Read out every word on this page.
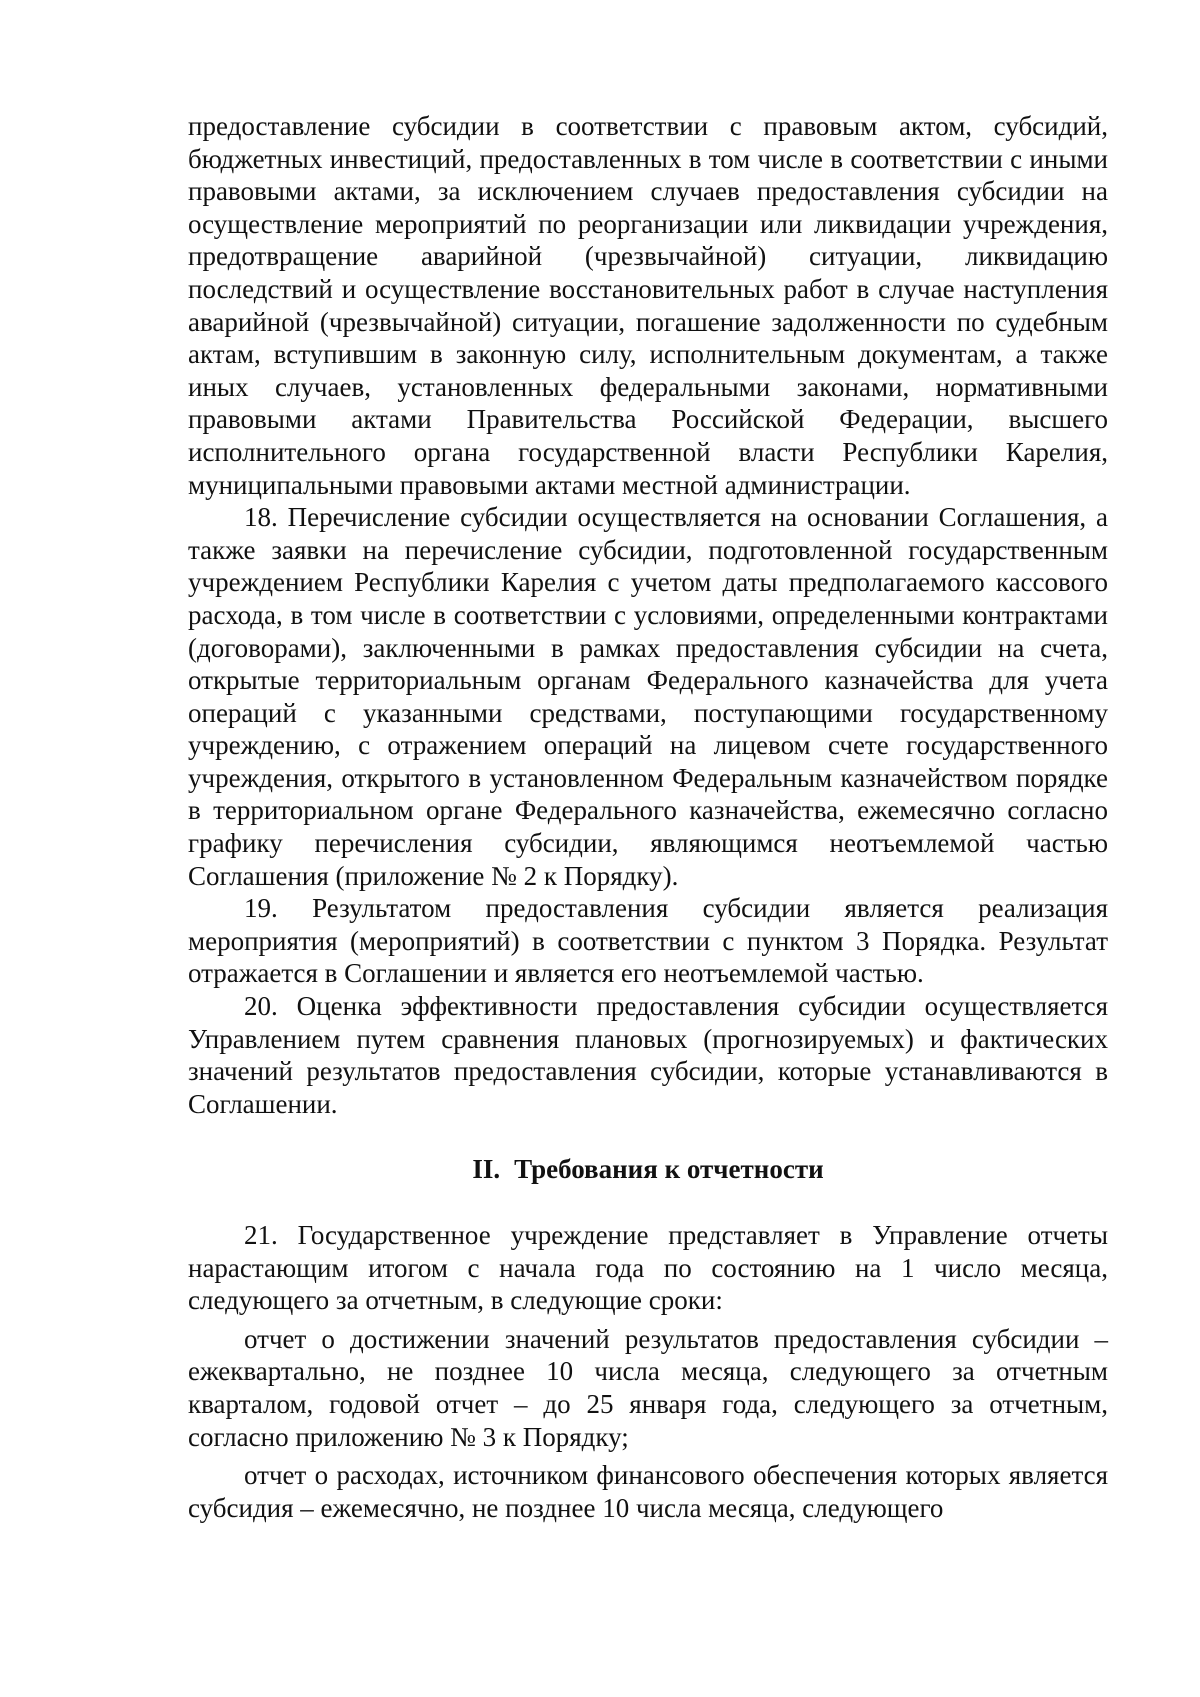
предоставление субсидии в соответствии с правовым актом, субсидий, бюджетных инвестиций, предоставленных в том числе в соответствии с иными правовыми актами, за исключением случаев предоставления субсидии на осуществление мероприятий по реорганизации или ликвидации учреждения, предотвращение аварийной (чрезвычайной) ситуации, ликвидацию последствий и осуществление восстановительных работ в случае наступления аварийной (чрезвычайной) ситуации, погашение задолженности по судебным актам, вступившим в законную силу, исполнительным документам, а также иных случаев, установленных федеральными законами, нормативными правовыми актами Правительства Российской Федерации, высшего исполнительного органа государственной власти Республики Карелия, муниципальными правовыми актами местной администрации.

18. Перечисление субсидии осуществляется на основании Соглашения, а также заявки на перечисление субсидии, подготовленной государственным учреждением Республики Карелия с учетом даты предполагаемого кассового расхода, в том числе в соответствии с условиями, определенными контрактами (договорами), заключенными в рамках предоставления субсидии на счета, открытые территориальным органам Федерального казначейства для учета операций с указанными средствами, поступающими государственному учреждению, с отражением операций на лицевом счете государственного учреждения, открытого в установленном Федеральным казначейством порядке в территориальном органе Федерального казначейства, ежемесячно согласно графику перечисления субсидии, являющимся неотъемлемой частью Соглашения (приложение № 2 к Порядку).

19. Результатом предоставления субсидии является реализация мероприятия (мероприятий) в соответствии с пунктом 3 Порядка. Результат отражается в Соглашении и является его неотъемлемой частью.

20. Оценка эффективности предоставления субсидии осуществляется Управлением путем сравнения плановых (прогнозируемых) и фактических значений результатов предоставления субсидии, которые устанавливаются в Соглашении.

II. Требования к отчетности

21. Государственное учреждение представляет в Управление отчеты нарастающим итогом с начала года по состоянию на 1 число месяца, следующего за отчетным, в следующие сроки:

отчет о достижении значений результатов предоставления субсидии – ежеквартально, не позднее 10 числа месяца, следующего за отчетным кварталом, годовой отчет – до 25 января года, следующего за отчетным, согласно приложению № 3 к Порядку;

отчет о расходах, источником финансового обеспечения которых является субсидия – ежемесячно, не позднее 10 числа месяца, следующего
